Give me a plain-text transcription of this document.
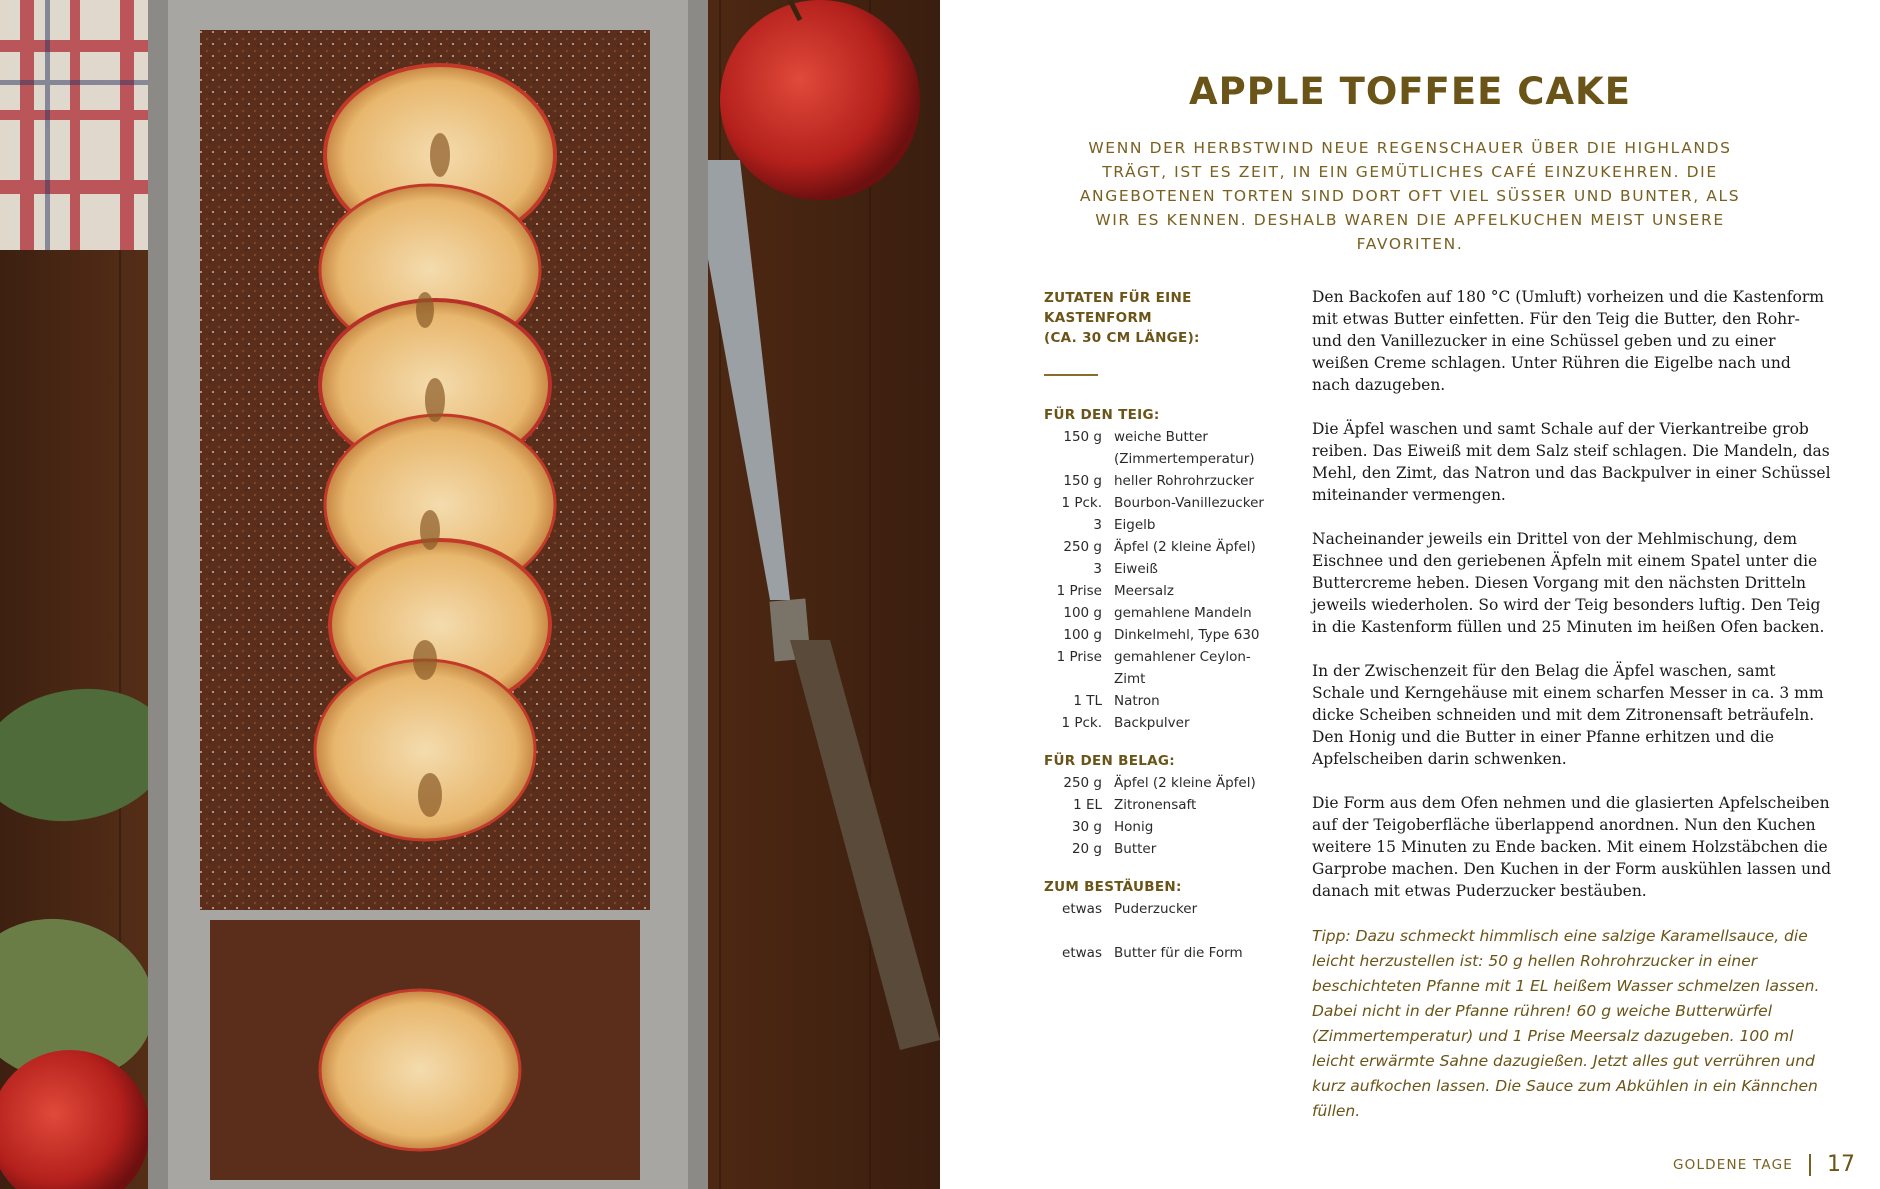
APPLE TOFFEE CAKE
WENN DER HERBSTWIND NEUE REGENSCHAUER ÜBER DIE HIGHLANDS TRÄGT, IST ES ZEIT, IN EIN GEMÜTLICHES CAFÉ EINZUKEHREN. DIE ANGEBOTENEN TORTEN SIND DORT OFT VIEL SÜSSER UND BUNTER, ALS WIR ES KENNEN. DESHALB WAREN DIE APFELKUCHEN MEIST UNSERE FAVORITEN.
ZUTATEN FÜR EINE KASTENFORM
(CA. 30 CM LÄNGE):
FÜR DEN TEIG:
150 g weiche Butter
(Zimmertemperatur)
150 g heller Rohrohrzucker
1 Pck. Bourbon-Vanillezucker
3 Eigelb
250 g Äpfel (2 kleine Äpfel)
3 Eiweiß
1 Prise Meersalz
100 g gemahlene Mandeln
100 g Dinkelmehl, Type 630
1 Prise gemahlener Ceylon-Zimt
1 TL Natron
1 Pck. Backpulver
FÜR DEN BELAG:
250 g Äpfel (2 kleine Äpfel)
1 EL Zitronensaft
30 g Honig
20 g Butter
ZUM BESTÄUBEN:
etwas Puderzucker
etwas Butter für die Form

Den Backofen auf 180 °C (Umluft) vorheizen und die Kastenform mit etwas Butter einfetten. Für den Teig die Butter, den Rohr- und den Vanillezucker in eine Schüssel geben und zu einer weißen Creme schlagen. Unter Rühren die Eigelbe nach und nach dazugeben.

Die Äpfel waschen und samt Schale auf der Vierkantreibe grob reiben. Das Eiweiß mit dem Salz steif schlagen. Die Mandeln, das Mehl, den Zimt, das Natron und das Backpulver in einer Schüssel miteinander vermengen.

Nacheinander jeweils ein Drittel von der Mehlmischung, dem Eischnee und den geriebenen Äpfeln mit einem Spatel unter die Buttercreme heben. Diesen Vorgang mit den nächsten Dritteln jeweils wiederholen. So wird der Teig besonders luftig. Den Teig in die Kastenform füllen und 25 Minuten im heißen Ofen backen.

In der Zwischenzeit für den Belag die Äpfel waschen, samt Schale und Kerngehäuse mit einem scharfen Messer in ca. 3 mm dicke Scheiben schneiden und mit dem Zitronensaft beträufeln. Den Honig und die Butter in einer Pfanne erhitzen und die Apfelscheiben darin schwenken.

Die Form aus dem Ofen nehmen und die glasierten Apfelscheiben auf der Teigoberfläche überlappend anordnen. Nun den Kuchen weitere 15 Minuten zu Ende backen. Mit einem Holzstäbchen die Garprobe machen. Den Kuchen in der Form auskühlen lassen und danach mit etwas Puderzucker bestäuben.

Tipp: Dazu schmeckt himmlisch eine salzige Karamellsauce, die leicht herzustellen ist: 50 g hellen Rohrohrzucker in einer beschichteten Pfanne mit 1 EL heißem Wasser schmelzen lassen. Dabei nicht in der Pfanne rühren! 60 g weiche Butterwürfel (Zimmertemperatur) und 1 Prise Meersalz dazugeben. 100 ml leicht erwärmte Sahne dazugießen. Jetzt alles gut verrühren und kurz aufkochen lassen. Die Sauce zum Abkühlen in ein Kännchen füllen.

GOLDENE TAGE 17
